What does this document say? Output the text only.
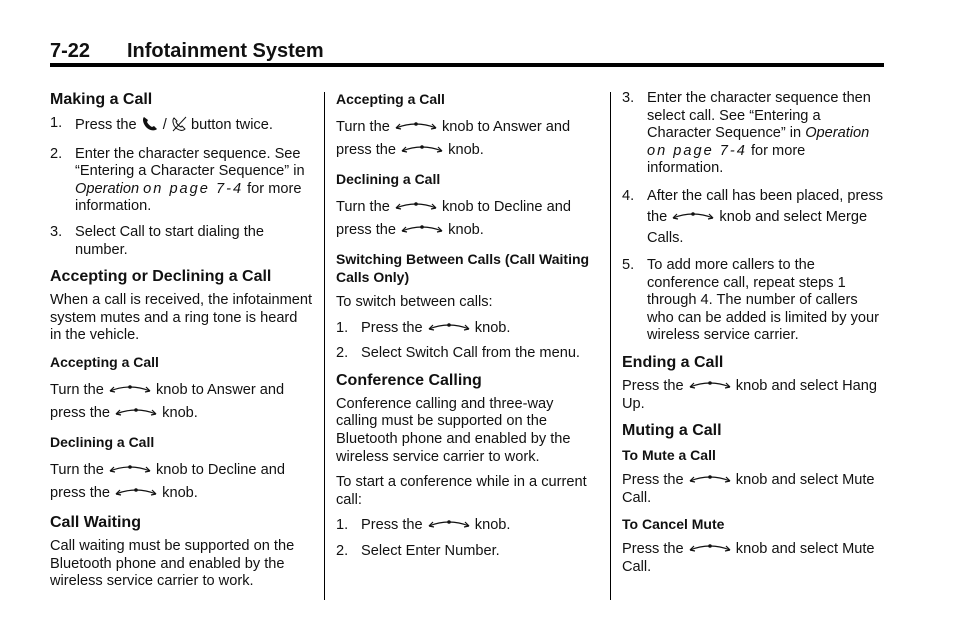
7-22 Infotainment System
Making a Call
1. Press the / button twice.
2. Enter the character sequence. See “Entering a Character Sequence” in Operation on page 7-4 for more information.
3. Select Call to start dialing the number.
Accepting or Declining a Call

When a call is received, the infotainment system mutes and a ring tone is heard in the vehicle.

Accepting a Call

Turn the	knob to Answer and press the	knob.

Declining a Call

Turn the	knob to Decline and press the	knob.

Call Waiting

Call waiting must be supported on the Bluetooth phone and enabled by the wireless service carrier to work.

Accepting a Call

Turn the	knob to Answer and press the	knob.

Declining a Call

Turn the	knob to Decline and press the	knob.

Switching Between Calls (Call Waiting Calls Only)

To switch between calls:

1. Press the	knob.
2. Select Switch Call from the menu.
Conference Calling

Conference calling and three-way calling must be supported on the Bluetooth phone and enabled by the wireless service carrier to work.

To start a conference while in a current call:

1. Press the	knob.
2. Select Enter Number.
3. Enter the character sequence then select call. See “Entering a Character Sequence” in Operation on page 7-4 for more information.
4. After the call has been placed, press the	knob and select Merge Calls.
5. To add more callers to the conference call, repeat steps 1 through 4. The number of callers who can be added is limited by your wireless service carrier.
Ending a Call

Press the	knob and select Hang Up.

Muting a Call
To Mute a Call

Press the	knob and select Mute Call.

To Cancel Mute

Press the	knob and select Mute Call.
